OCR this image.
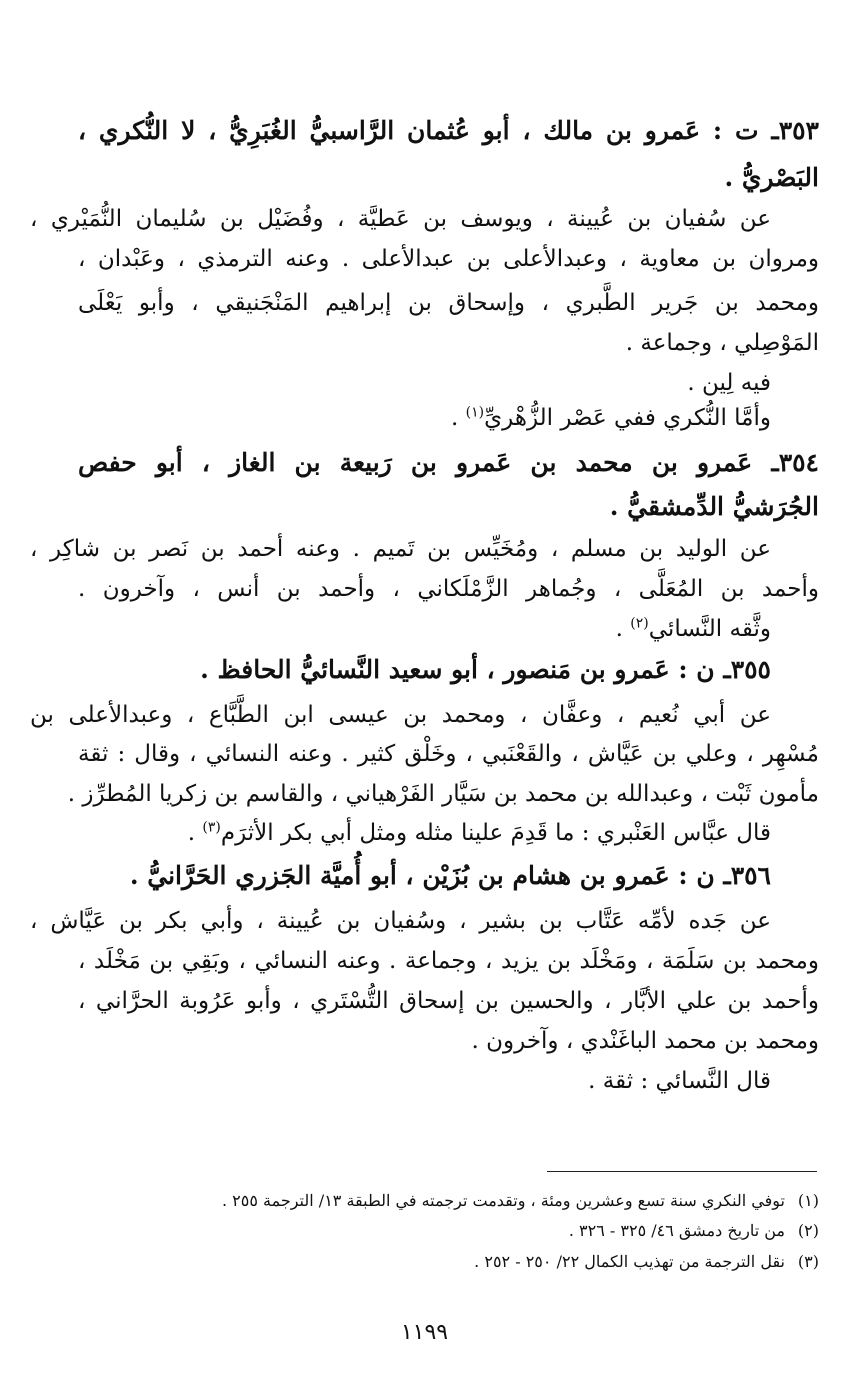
٣٥٣ـ ت : عَمرو بن مالك ، أبو عُثمان الرَّاسبيُّ الغُبَرِيُّ ، لا النُّكري ،
البَصْريُّ .
عن سُفيان بن عُيينة ، ويوسف بن عَطيَّة ، وفُضَيْل بن سُليمان النُّمَيْري ،
ومروان بن معاوية ، وعبدالأعلى بن عبدالأعلى . وعنه الترمذي ، وعَبْدان ،
ومحمد بن جَرير الطَّبري ، وإسحاق بن إبراهيم المَنْجَنيقي ، وأبو يَعْلَى
المَوْصِلي ، وجماعة .
فيه لِين .
وأمَّا النُّكري ففي عَصْر الزُّهْريِّ$^{(١)}$ .
٣٥٤ـ عَمرو بن محمد بن عَمرو بن رَبيعة بن الغاز ، أبو حفص
الجُرَشيُّ الدِّمشقيُّ .
عن الوليد بن مسلم ، ومُخَيِّس بن تَميم . وعنه أحمد بن نَصر بن شاكِر ،
وأحمد بن المُعَلَّى ، وجُماهر الزَّمْلَكاني ، وأحمد بن أنس ، وآخرون .
وثَّقه النَّسائي$^{(٢)}$ .
٣٥٥ـ ن : عَمرو بن مَنصور ، أبو سعيد النَّسائيُّ الحافظ .
عن أبي نُعيم ، وعفَّان ، ومحمد بن عيسى ابن الطَّبَّاع ، وعبدالأعلى بن
مُسْهِر ، وعلي بن عَيَّاش ، والقَعْنَبي ، وخَلْق كثير . وعنه النسائي ، وقال : ثقة
مأمون ثَبْت ، وعبدالله بن محمد بن سَيَّار الفَرْهياني ، والقاسم بن زكريا المُطرِّز .
قال عبَّاس العَنْبري : ما قَدِمَ علينا مثله ومثل أبي بكر الأثرَم$^{(٣)}$ .
٣٥٦ـ ن : عَمرو بن هشام بن بُزَيْن ، أبو أُميَّة الجَزري الحَرَّانيُّ .
عن جَده لأمِّه عَتَّاب بن بشير ، وسُفيان بن عُيينة ، وأبي بكر بن عَيَّاش ،
ومحمد بن سَلَمَة ، ومَخْلَد بن يزيد ، وجماعة . وعنه النسائي ، وبَقِي بن مَخْلَد ،
وأحمد بن علي الأبَّار ، والحسين بن إسحاق التُّسْتَري ، وأبو عَرُوبة الحرَّاني ،
ومحمد بن محمد الباغَنْدي ، وآخرون .
قال النَّسائي : ثقة .
(١)توفي النكري سنة تسع وعشرين ومئة ، وتقدمت ترجمته في الطبقة ١٣/ الترجمة ٢٥٥ .
(٢)من تاريخ دمشق ٤٦/ ٣٢٥ - ٣٢٦ .
(٣)نقل الترجمة من تهذيب الكمال ٢٢/ ٢٥٠ - ٢٥٢ .
١١٩٩
